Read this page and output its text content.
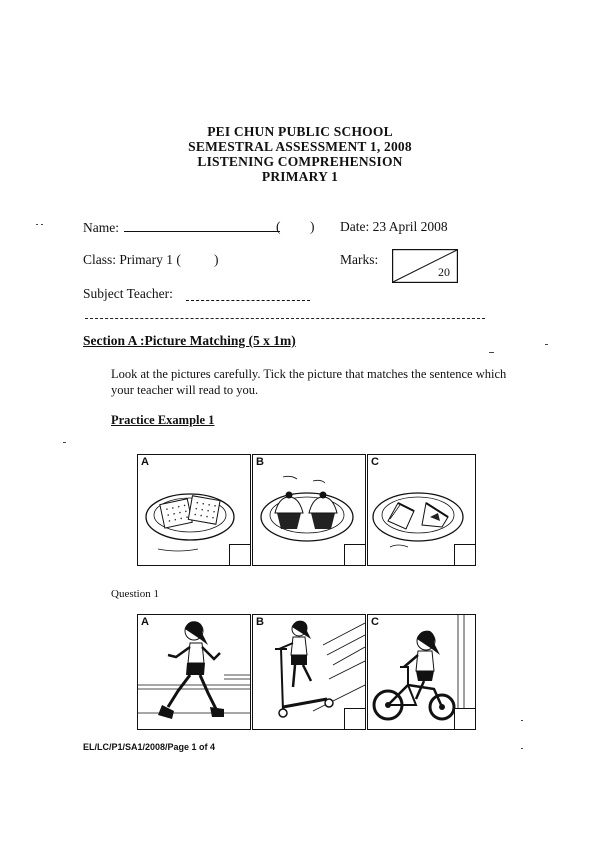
PEI CHUN PUBLIC SCHOOL
SEMESTRAL ASSESSMENT 1, 2008
LISTENING COMPREHENSION
PRIMARY 1
Name:	( ) Date: 23 April 2008
Class: Primary 1 ( )	Marks:
20
Subject Teacher:
Section A :Picture Matching (5 x 1m)
Look at the pictures carefully. Tick the picture that matches the sentence which your teacher will read to you.
Practice Example 1
A	B	C
Question 1
A	B	C
EL/LC/P1/SA1/2008/Page 1 of 4
